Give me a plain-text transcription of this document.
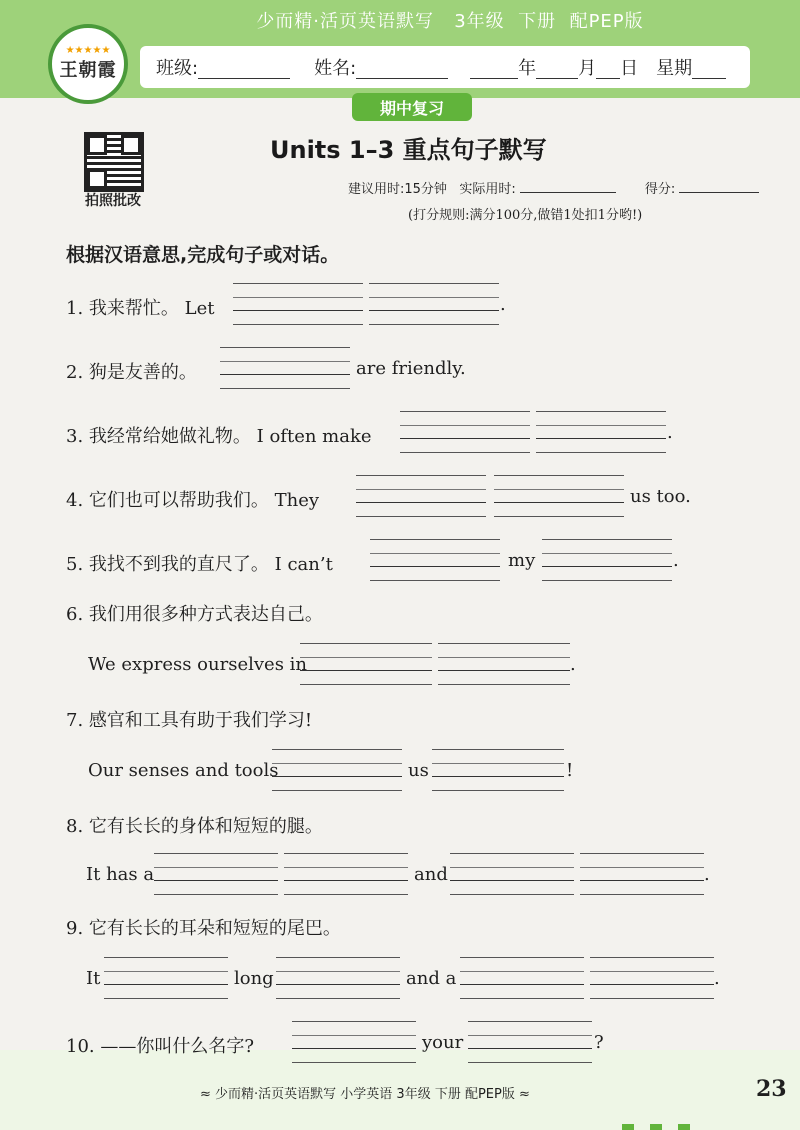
少而精·活页英语默写
3年级
下册
配PEP版
★★★★★
王朝霞 班级:	姓名:	年 月 日 星期
期中复习
拍照批改
Units 1–3 重点句子默写
建议用时:15分钟 实际用时:	得分:
(打分规则:满分100分,做错1处扣1分哟!)
根据汉语意思,完成句子或对话。
1. 我来帮忙。 Let	.
2. 狗是友善的。	are friendly.
3. 我经常给她做礼物。 I often make	.
4. 它们也可以帮助我们。 They	us too.
5. 我找不到我的直尺了。 I can’t	my	.
6. 我们用很多种方式表达自己。
We express ourselves in	.
7. 感官和工具有助于我们学习!
Our senses and tools	us	!
8. 它有长长的身体和短短的腿。
It has a	and	.
9. 它有长长的耳朵和短短的尾巴。
It	long	and a	.
10. ——你叫什么名字?	your	?
≈ 少而精·活页英语默写 小学英语 3年级 下册 配PEP版 ≈	23
